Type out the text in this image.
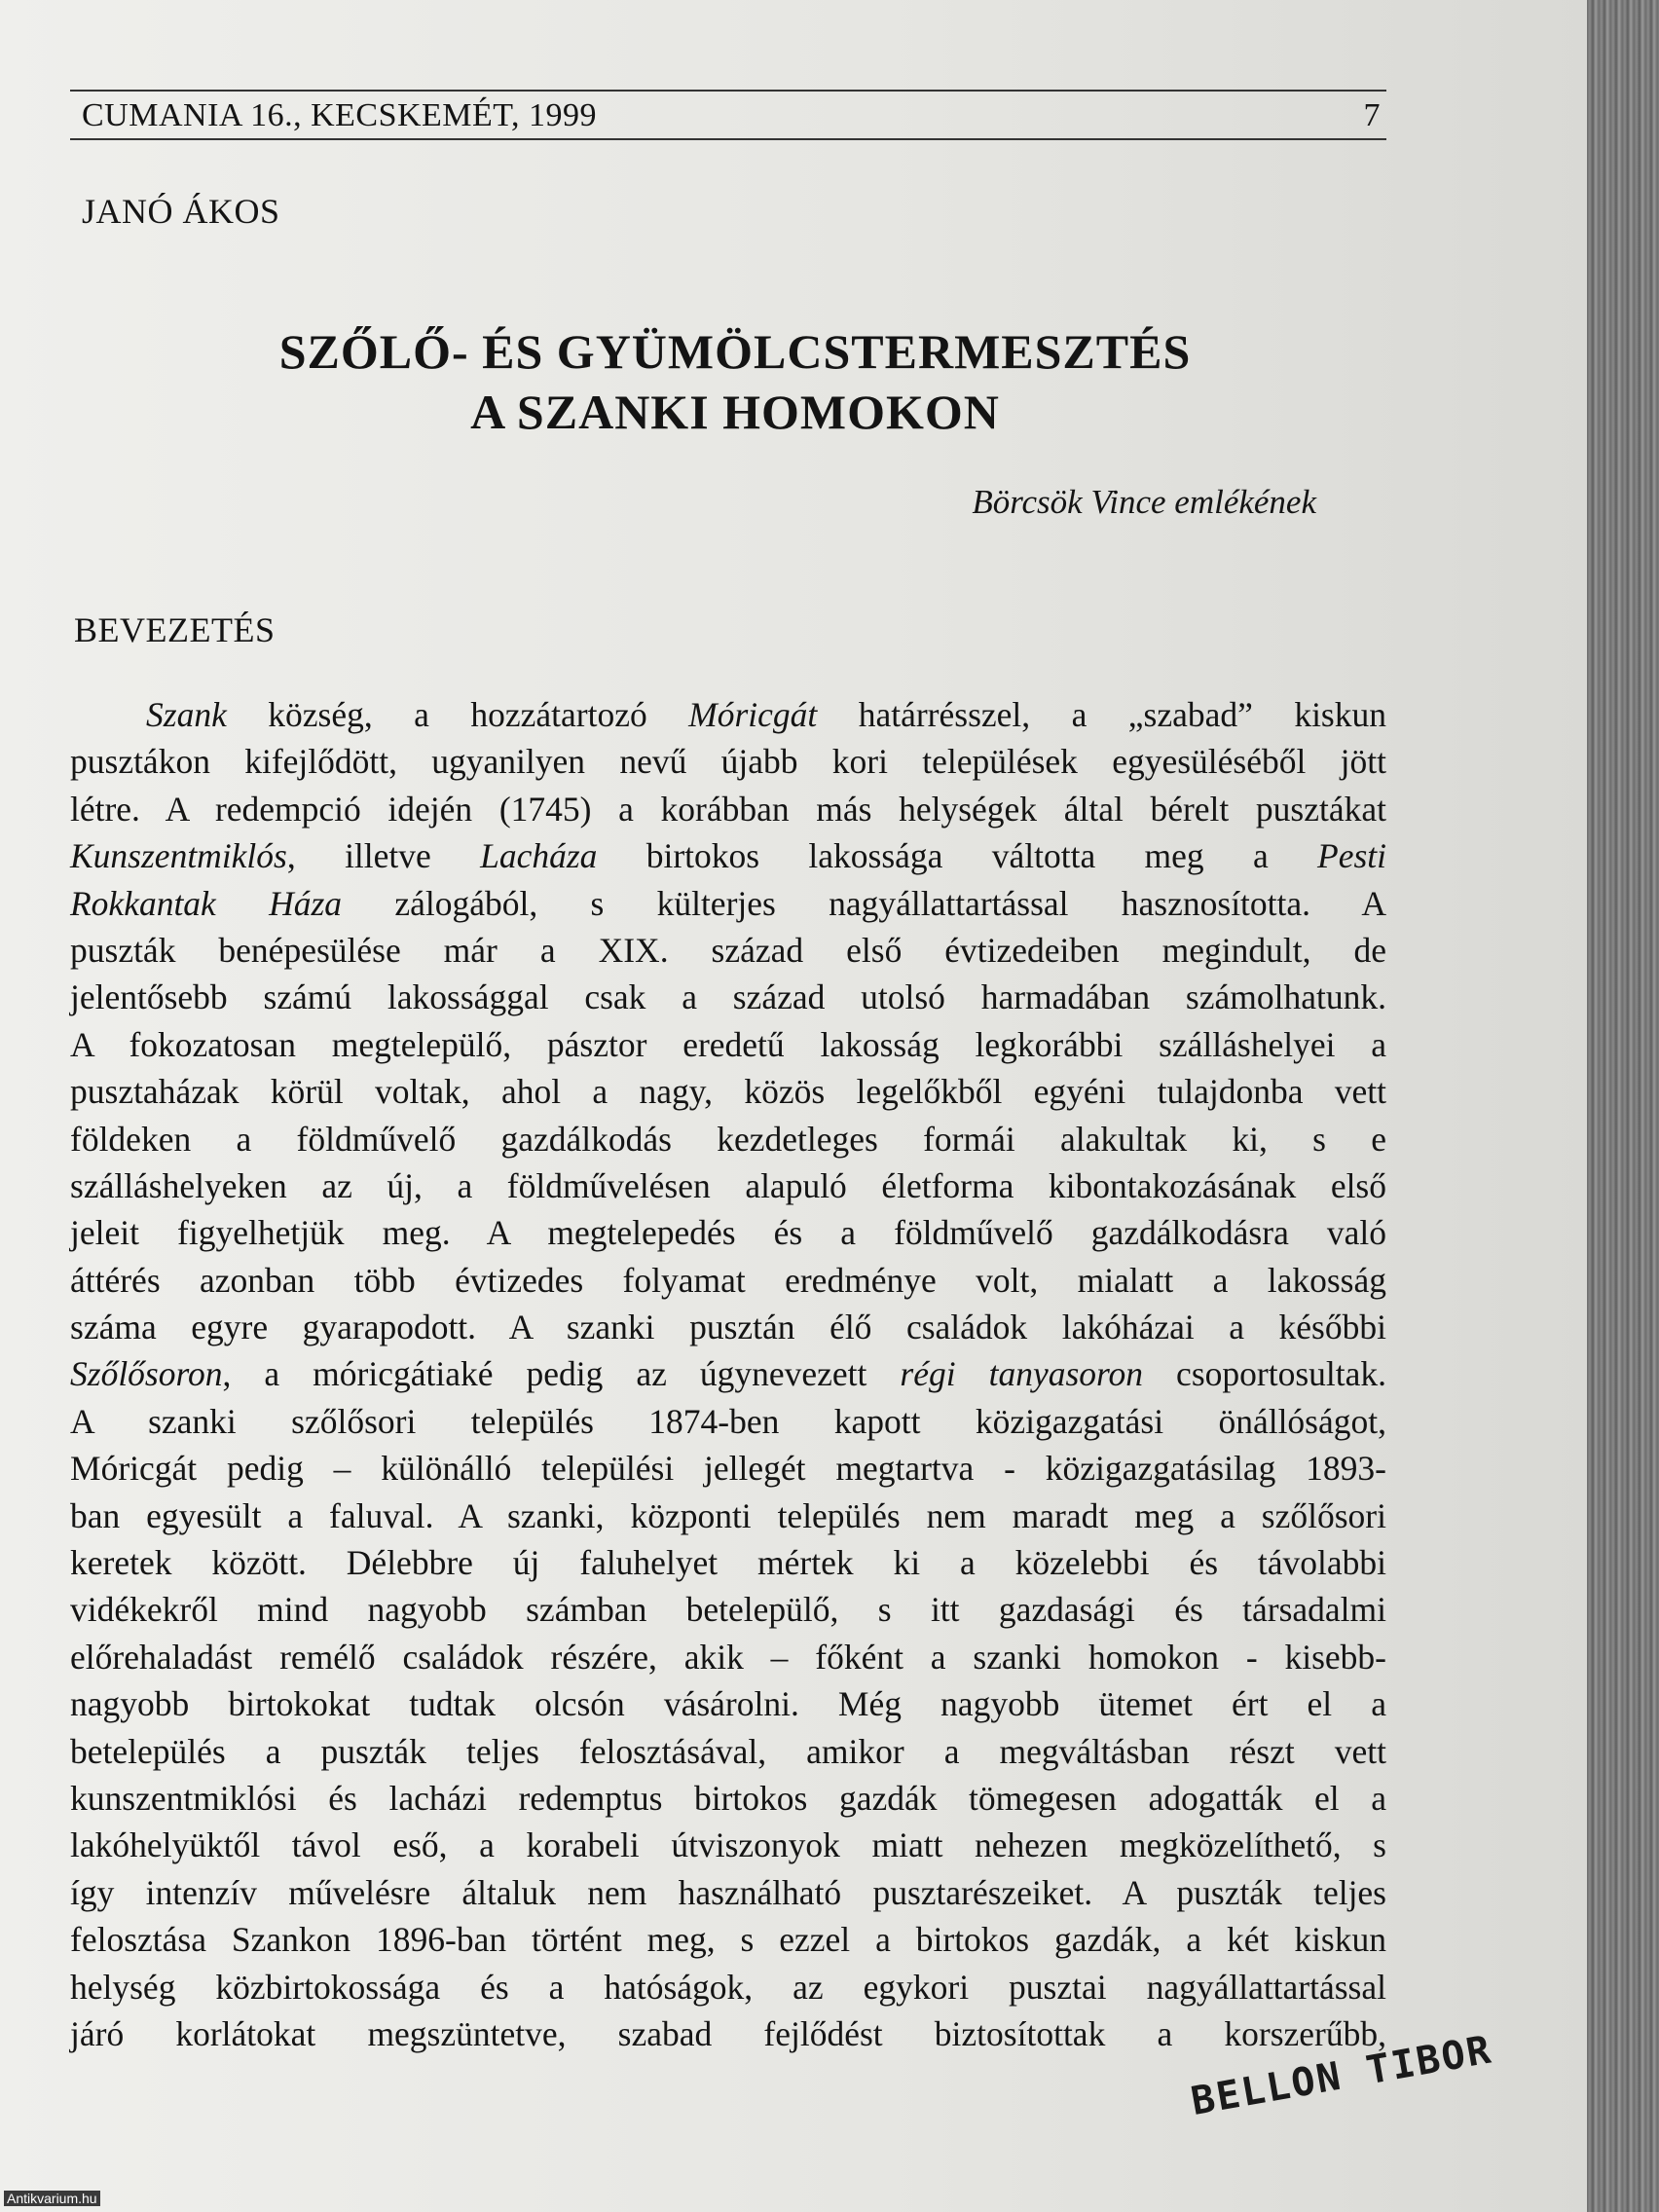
CUMANIA 16., KECSKEMÉT, 1999	7
JANÓ ÁKOS
SZŐLŐ- ÉS GYÜMÖLCSTERMESZTÉS
A SZANKI HOMOKON
Börcsök Vince emlékének
BEVEZETÉS
Szank község, a hozzátartozó Móricgát határrésszel, a „szabad” kiskun
pusztákon kifejlődött, ugyanilyen nevű újabb kori települések egyesüléséből jött
létre. A redempció idején (1745) a korábban más helységek által bérelt pusztákat
Kunszentmiklós, illetve Lacháza birtokos lakossága váltotta meg a Pesti
Rokkantak Háza zálogából, s külterjes nagyállattartással hasznosította. A
puszták benépesülése már a XIX. század első évtizedeiben megindult, de
jelentősebb számú lakossággal csak a század utolsó harmadában számolhatunk.
A fokozatosan megtelepülő, pásztor eredetű lakosság legkorábbi szálláshelyei a
pusztaházak körül voltak, ahol a nagy, közös legelőkből egyéni tulajdonba vett
földeken a földművelő gazdálkodás kezdetleges formái alakultak ki, s e
szálláshelyeken az új, a földművelésen alapuló életforma kibontakozásának első
jeleit figyelhetjük meg. A megtelepedés és a földművelő gazdálkodásra való
áttérés azonban több évtizedes folyamat eredménye volt, mialatt a lakosság
száma egyre gyarapodott. A szanki pusztán élő családok lakóházai a későbbi
Szőlősoron, a móricgátiaké pedig az úgynevezett régi tanyasoron csoportosultak.
A szanki szőlősori település 1874-ben kapott közigazgatási önállóságot,
Móricgát pedig – különálló települési jellegét megtartva - közigazgatásilag 1893-
ban egyesült a faluval. A szanki, központi település nem maradt meg a szőlősori
keretek között. Délebbre új faluhelyet mértek ki a közelebbi és távolabbi
vidékekről mind nagyobb számban betelepülő, s itt gazdasági és társadalmi
előrehaladást remélő családok részére, akik – főként a szanki homokon - kisebb-
nagyobb birtokokat tudtak olcsón vásárolni. Még nagyobb ütemet ért el a
betelepülés a puszták teljes felosztásával, amikor a megváltásban részt vett
kunszentmiklósi és lacházi redemptus birtokos gazdák tömegesen adogatták el a
lakóhelyüktől távol eső, a korabeli útviszonyok miatt nehezen megközelíthető, s
így intenzív művelésre általuk nem használható pusztarészeiket. A puszták teljes
felosztása Szankon 1896-ban történt meg, s ezzel a birtokos gazdák, a két kiskun
helység közbirtokossága és a hatóságok, az egykori pusztai nagyállattartással
járó korlátokat megszüntetve, szabad fejlődést biztosítottak a korszerűbb,
BELLON TIBOR
Antikvarium.hu
